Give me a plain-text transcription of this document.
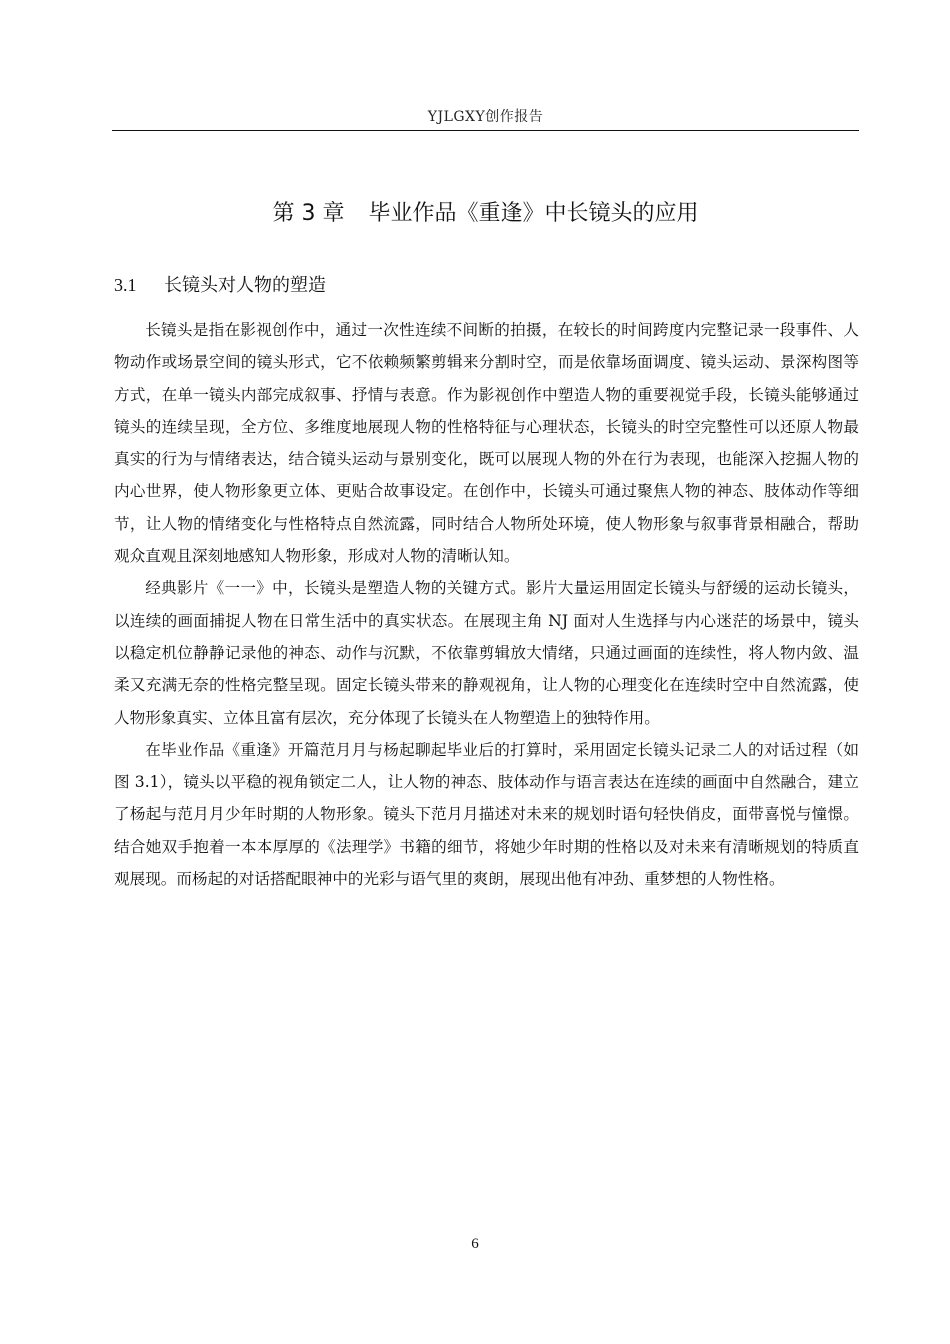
YJLGXY创作报告
第 3 章 毕业作品《重逢》中长镜头的应用
3.1 长镜头对人物的塑造

长镜头是指在影视创作中，通过一次性连续不间断的拍摄，在较长的时间跨度内完整记录一段事件、人物动作或场景空间的镜头形式，它不依赖频繁剪辑来分割时空，而是依靠场面调度、镜头运动、景深构图等方式，在单一镜头内部完成叙事、抒情与表意。作为影视创作中塑造人物的重要视觉手段，长镜头能够通过镜头的连续呈现，全方位、多维度地展现人物的性格特征与心理状态，长镜头的时空完整性可以还原人物最真实的行为与情绪表达，结合镜头运动与景别变化，既可以展现人物的外在行为表现，也能深入挖掘人物的内心世界，使人物形象更立体、更贴合故事设定。在创作中，长镜头可通过聚焦人物的神态、肢体动作等细节，让人物的情绪变化与性格特点自然流露，同时结合人物所处环境，使人物形象与叙事背景相融合，帮助观众直观且深刻地感知人物形象，形成对人物的清晰认知。

经典影片《一一》中，长镜头是塑造人物的关键方式。影片大量运用固定长镜头与舒缓的运动长镜头，以连续的画面捕捉人物在日常生活中的真实状态。在展现主角 NJ 面对人生选择与内心迷茫的场景中，镜头以稳定机位静静记录他的神态、动作与沉默，不依靠剪辑放大情绪，只通过画面的连续性，将人物内敛、温柔又充满无奈的性格完整呈现。固定长镜头带来的静观视角，让人物的心理变化在连续时空中自然流露，使人物形象真实、立体且富有层次，充分体现了长镜头在人物塑造上的独特作用。

在毕业作品《重逢》开篇范月月与杨起聊起毕业后的打算时，采用固定长镜头记录二人的对话过程（如图 3.1），镜头以平稳的视角锁定二人，让人物的神态、肢体动作与语言表达在连续的画面中自然融合，建立了杨起与范月月少年时期的人物形象。镜头下范月月描述对未来的规划时语句轻快俏皮，面带喜悦与憧憬。结合她双手抱着一本本厚厚的《法理学》书籍的细节，将她少年时期的性格以及对未来有清晰规划的特质直观展现。而杨起的对话搭配眼神中的光彩与语气里的爽朗，展现出他有冲劲、重梦想的人物性格。

6
